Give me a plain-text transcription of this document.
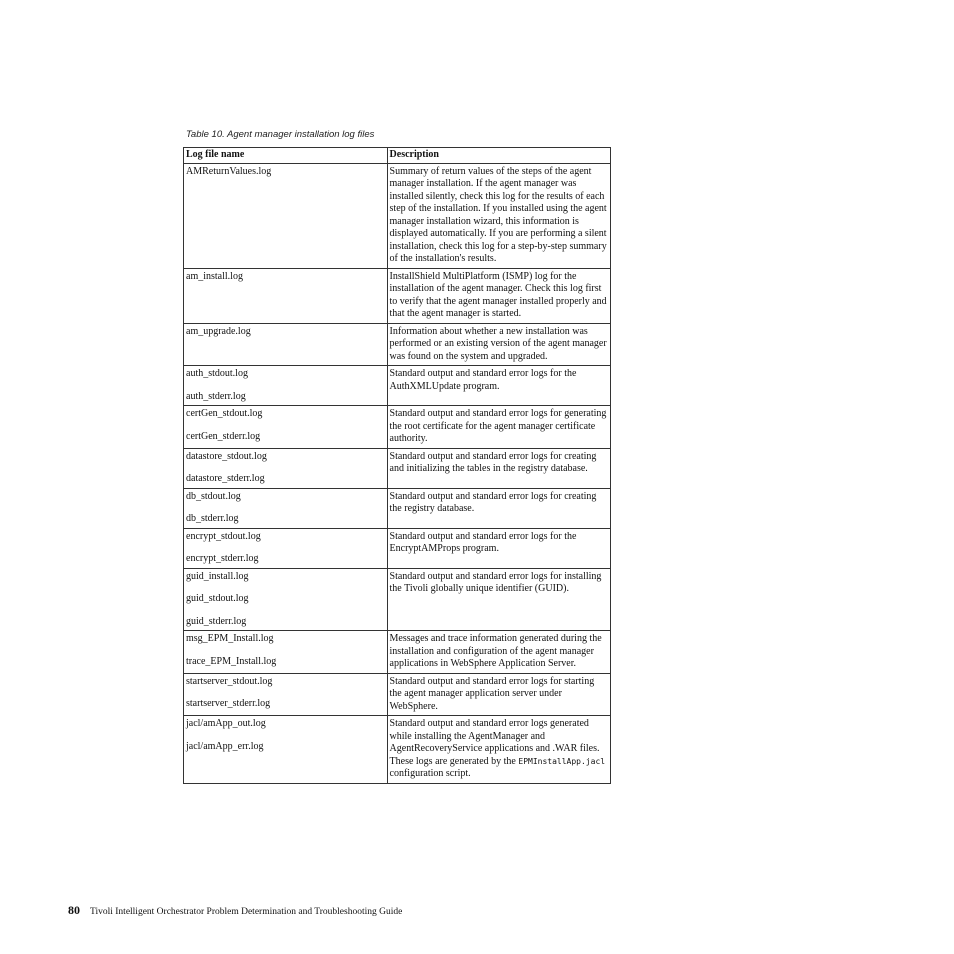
Table 10. Agent manager installation log files
Log file name	Description

AMReturnValues.log	Summary of return values of the steps of the agent manager installation. If the agent manager was installed silently, check this log for the results of each step of the installation. If you installed using the agent manager installation wizard, this information is displayed automatically. If you are performing a silent installation, check this log for a step-by-step summary of the installation's results.

am_install.log	InstallShield MultiPlatform (ISMP) log for the installation of the agent manager. Check this log first to verify that the agent manager installed properly and that the agent manager is started.

am_upgrade.log	Information about whether a new installation was performed or an existing version of the agent manager was found on the system and upgraded.

auth_stdout.log
auth_stderr.log	Standard output and standard error logs for the AuthXMLUpdate program.

certGen_stdout.log
certGen_stderr.log	Standard output and standard error logs for generating the root certificate for the agent manager certificate authority.

datastore_stdout.log
datastore_stderr.log	Standard output and standard error logs for creating and initializing the tables in the registry database.

db_stdout.log
db_stderr.log	Standard output and standard error logs for creating the registry database.

encrypt_stdout.log
encrypt_stderr.log	Standard output and standard error logs for the EncryptAMProps program.

guid_install.log
guid_stdout.log
guid_stderr.log	Standard output and standard error logs for installing the Tivoli globally unique identifier (GUID).

msg_EPM_Install.log
trace_EPM_Install.log	Messages and trace information generated during the installation and configuration of the agent manager applications in WebSphere Application Server.

startserver_stdout.log
startserver_stderr.log	Standard output and standard error logs for starting the agent manager application server under WebSphere.

jacl/amApp_out.log
jacl/amApp_err.log	Standard output and standard error logs generated while installing the AgentManager and AgentRecoveryService applications and .WAR files. These logs are generated by the EPMInstallApp.jacl configuration script.
80 Tivoli Intelligent Orchestrator Problem Determination and Troubleshooting Guide
